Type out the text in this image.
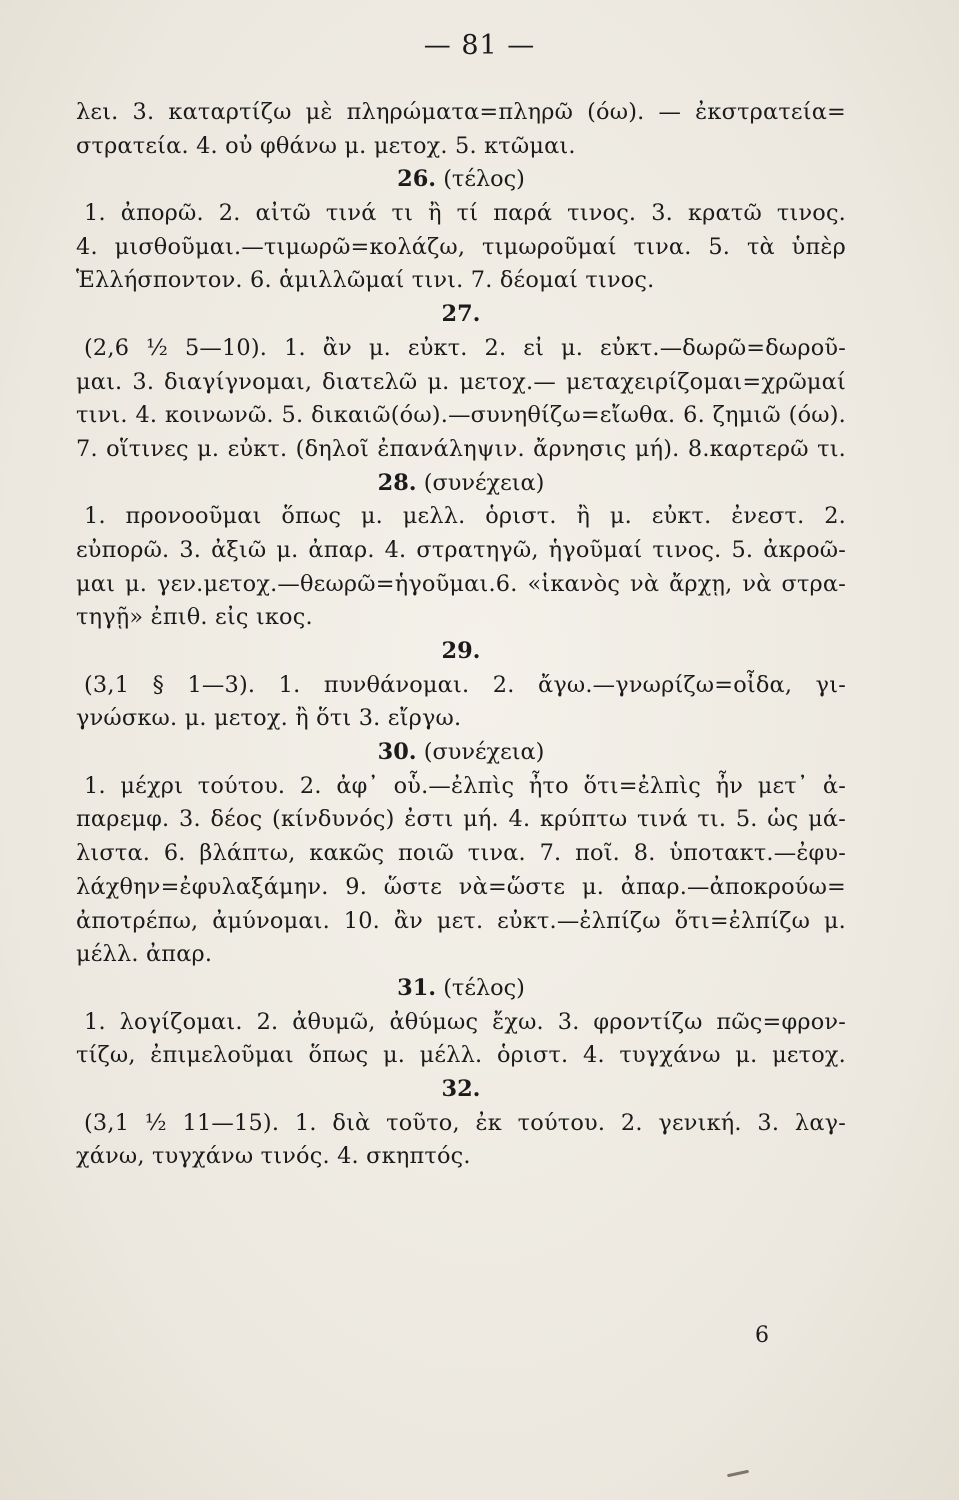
— 81 —
λει. 3. καταρτίζω μὲ πληρώματα=πληρῶ (όω). — ἐκστρατεία=
στρατεία. 4. οὐ φθάνω μ. μετοχ. 5. κτῶμαι.
26. (τέλος)
1. ἀπορῶ. 2. αἰτῶ τινά τι ἢ τί παρά τινος. 3. κρατῶ τινος.
4. μισθοῦμαι.—τιμωρῶ=κολάζω, τιμωροῦμαί τινα. 5. τὰ ὑπὲρ
Ἑλλήσποντον. 6. ἁμιλλῶμαί τινι. 7. δέομαί τινος.
27.
(2,6 ½ 5—10). 1. ἂν μ. εὐκτ. 2. εἰ μ. εὐκτ.—δωρῶ=δωροῦ-
μαι. 3. διαγίγνομαι, διατελῶ μ. μετοχ.— μεταχειρίζομαι=χρῶμαί
τινι. 4. κοινωνῶ. 5. δικαιῶ(όω).—συνηθίζω=εἴωθα. 6. ζημιῶ (όω).
7. οἵτινες μ. εὐκτ. (δηλοῖ ἐπανάληψιν. ἄρνησις μή). 8.καρτερῶ τι.
28. (συνέχεια)
1. προνοοῦμαι ὅπως μ. μελλ. ὁριστ. ἢ μ. εὐκτ. ἐνεστ. 2.
εὐπορῶ. 3. ἀξιῶ μ. ἀπαρ. 4. στρατηγῶ, ἡγοῦμαί τινος. 5. ἀκροῶ-
μαι μ. γεν.μετοχ.—θεωρῶ=ἡγοῦμαι.6. «ἱκανὸς νὰ ἄρχῃ, νὰ στρα-
τηγῇ» ἐπιθ. εἰς ικος.
29.
(3,1 § 1—3). 1. πυνθάνομαι. 2. ἄγω.—γνωρίζω=οἶδα, γι-
γνώσκω. μ. μετοχ. ἢ ὅτι 3. εἴργω.
30. (συνέχεια)
1. μέχρι τούτου. 2. ἀφ᾽ οὗ.—ἐλπὶς ἦτο ὅτι=ἐλπὶς ἦν μετ᾽ ἀ-
παρεμφ. 3. δέος (κίνδυνός) ἐστι μή. 4. κρύπτω τινά τι. 5. ὡς μά-
λιστα. 6. βλάπτω, κακῶς ποιῶ τινα. 7. ποῖ. 8. ὑποτακτ.—ἐφυ-
λάχθην=ἐφυλαξάμην. 9. ὥστε νὰ=ὥστε μ. ἀπαρ.—ἀποκρούω=
ἀποτρέπω, ἀμύνομαι. 10. ἂν μετ. εὐκτ.—ἐλπίζω ὅτι=ἐλπίζω μ.
μέλλ. ἀπαρ.
31. (τέλος)
1. λογίζομαι. 2. ἀθυμῶ, ἀθύμως ἔχω. 3. φροντίζω πῶς=φρον-
τίζω, ἐπιμελοῦμαι ὅπως μ. μέλλ. ὁριστ. 4. τυγχάνω μ. μετοχ.
32.
(3,1 ½ 11—15). 1. διὰ τοῦτο, ἐκ τούτου. 2. γενική. 3. λαγ-
χάνω, τυγχάνω τινός. 4. σκηπτός.
6
